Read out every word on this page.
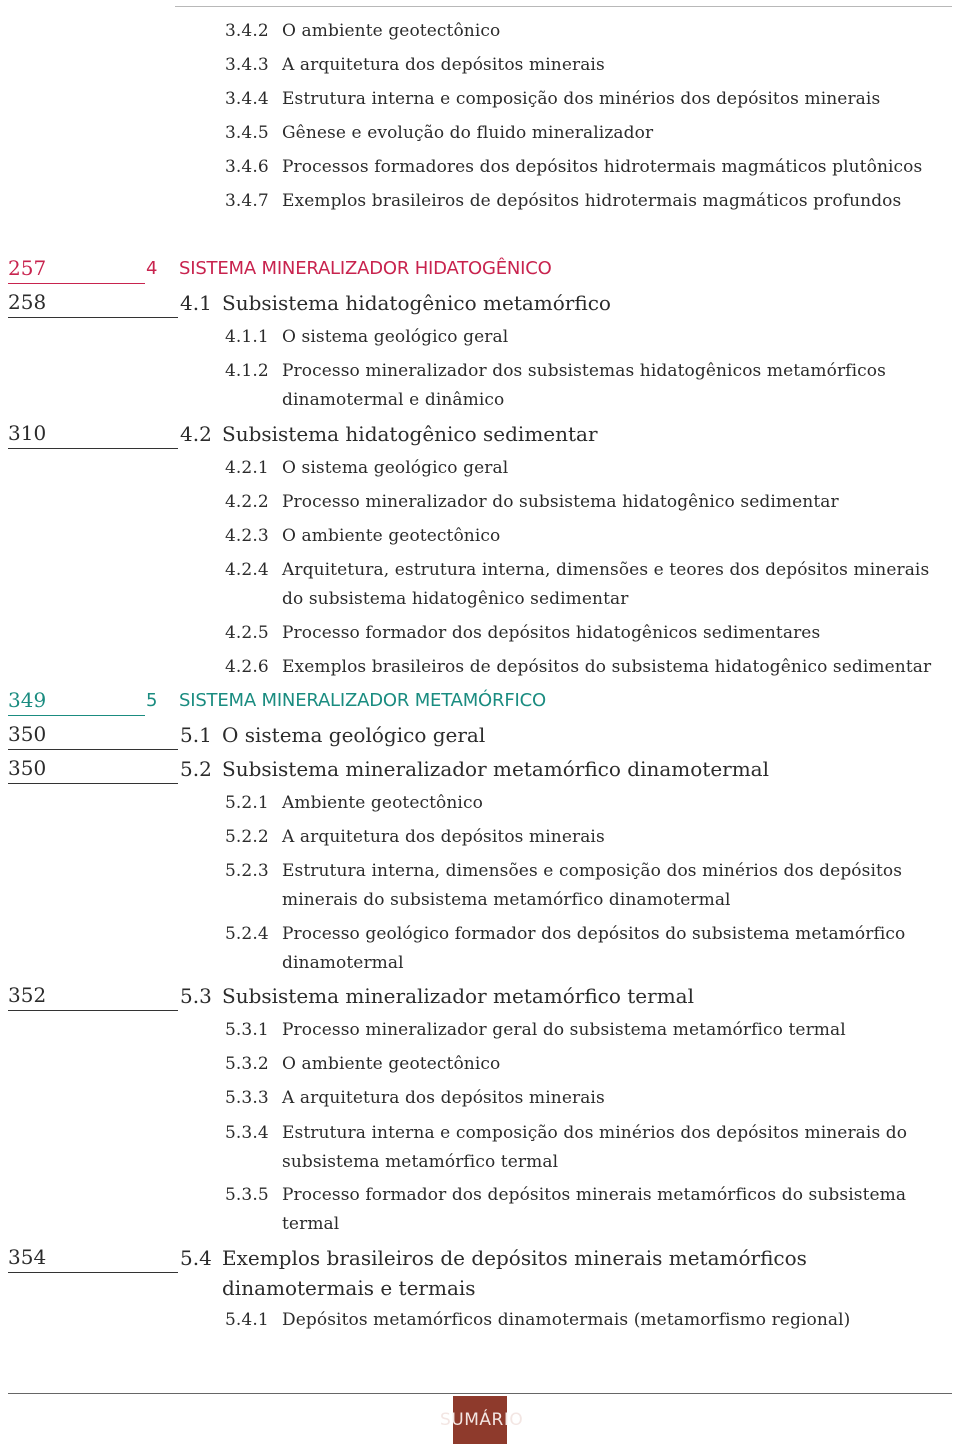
3.4.2 O ambiente geotectônico
3.4.3 A arquitetura dos depósitos minerais
3.4.4 Estrutura interna e composição dos minérios dos depósitos minerais
3.4.5 Gênese e evolução do fluido mineralizador
3.4.6 Processos formadores dos depósitos hidrotermais magmáticos plutônicos
3.4.7 Exemplos brasileiros de depósitos hidrotermais magmáticos profundos
257	4 SISTEMA MINERALIZADOR HIDATOGÊNICO
258	4.1 Subsistema hidatogênico metamórfico
4.1.1 O sistema geológico geral
4.1.2 Processo mineralizador dos subsistemas hidatogênicos metamórficos dinamotermal e dinâmico
310	4.2 Subsistema hidatogênico sedimentar
4.2.1 O sistema geológico geral
4.2.2 Processo mineralizador do subsistema hidatogênico sedimentar
4.2.3 O ambiente geotectônico
4.2.4 Arquitetura, estrutura interna, dimensões e teores dos depósitos minerais do subsistema hidatogênico sedimentar
4.2.5 Processo formador dos depósitos hidatogênicos sedimentares
4.2.6 Exemplos brasileiros de depósitos do subsistema hidatogênico sedimentar
349	5 SISTEMA MINERALIZADOR METAMÓRFICO
350	5.1 O sistema geológico geral
350	5.2 Subsistema mineralizador metamórfico dinamotermal
5.2.1 Ambiente geotectônico
5.2.2 A arquitetura dos depósitos minerais
5.2.3 Estrutura interna, dimensões e composição dos minérios dos depósitos minerais do subsistema metamórfico dinamotermal
5.2.4 Processo geológico formador dos depósitos do subsistema metamórfico dinamotermal
352	5.3 Subsistema mineralizador metamórfico termal
5.3.1 Processo mineralizador geral do subsistema metamórfico termal
5.3.2 O ambiente geotectônico
5.3.3 A arquitetura dos depósitos minerais
5.3.4 Estrutura interna e composição dos minérios dos depósitos minerais do subsistema metamórfico termal
5.3.5 Processo formador dos depósitos minerais metamórficos do subsistema termal
354	5.4 Exemplos brasileiros de depósitos minerais metamórficos dinamotermais e termais
5.4.1 Depósitos metamórficos dinamotermais (metamorfismo regional)
SUMÁRIO
